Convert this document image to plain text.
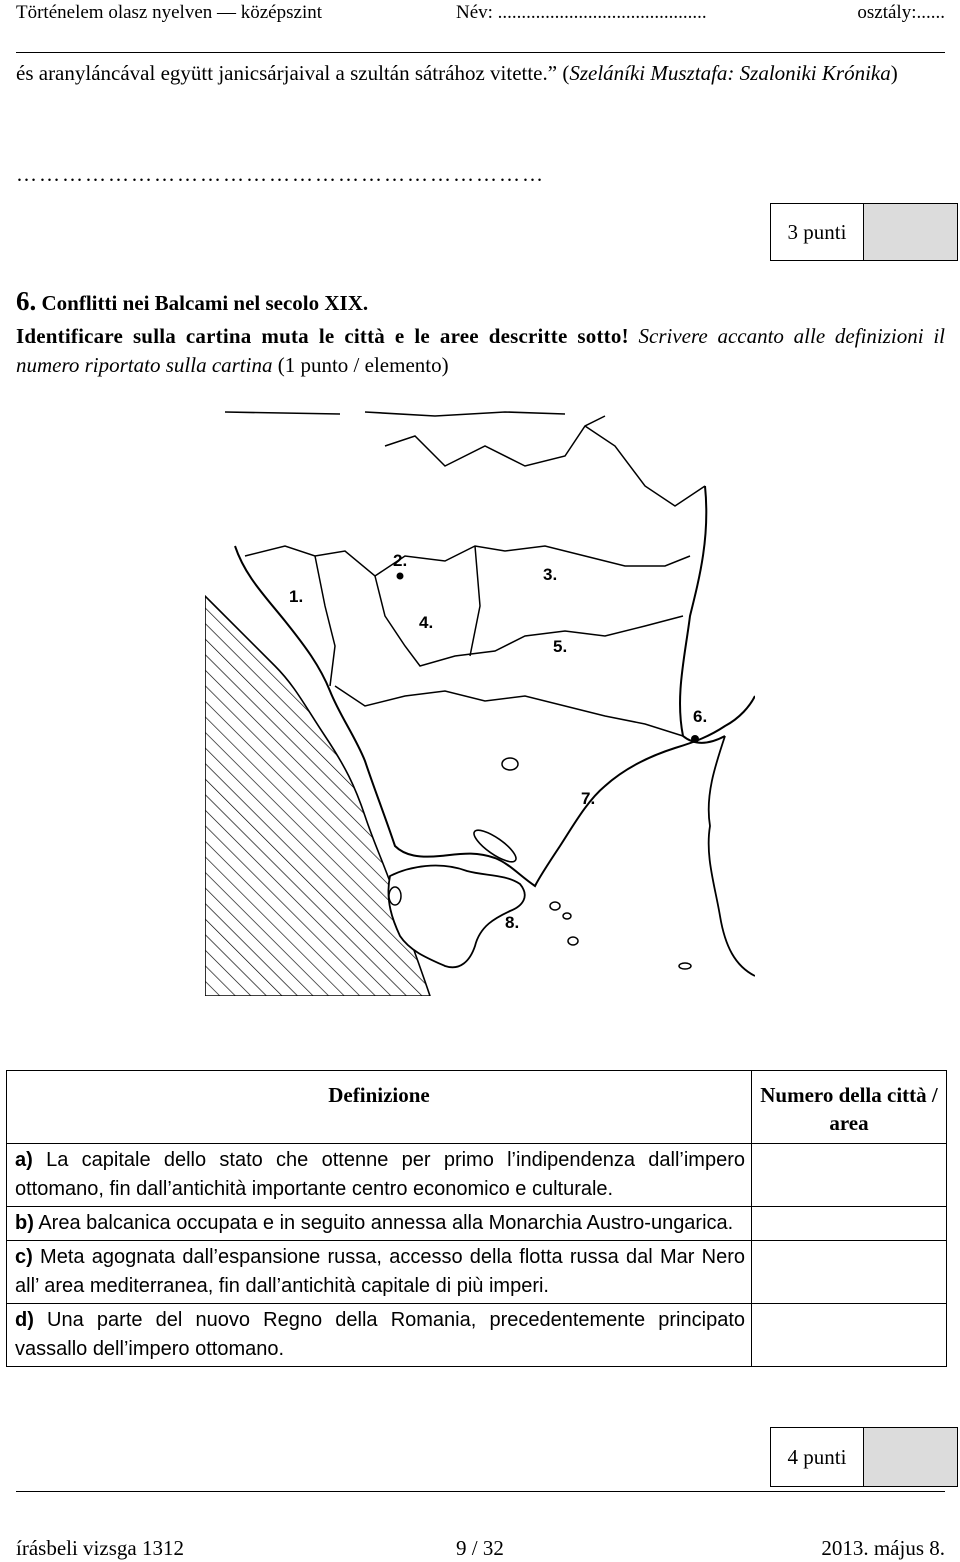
Történelem olasz nyelven — középszint	Név: ............................................	osztály:......
és aranyláncával együtt janicsárjaival a szultán sátrához vitette.” (Szeláníki Musztafa: Szaloniki Krónika)
……………………………………………………………
3 punti
6. Conflitti nei Balcami nel secolo XIX.
Identificare sulla cartina muta le città e le aree descritte sotto! Scrivere accanto alle definizioni il numero riportato sulla cartina (1 punto / elemento)
1.
2.
3.
4.
5.
6.
7.
8.
Definizione	Numero della città / area
a) La capitale dello stato che ottenne per primo l’indipendenza dall’impero ottomano, fin dall’antichità importante centro economico e culturale.	
b) Area balcanica occupata e in seguito annessa alla Monarchia Austro-ungarica.	
c) Meta agognata dall’espansione russa, accesso della flotta russa dal Mar Nero all’ area mediterranea, fin dall’antichità capitale di più imperi.	
d) Una parte del nuovo Regno della Romania, precedentemente principato vassallo dell’impero ottomano.	
4 punti
írásbeli vizsga 1312	9 / 32	2013. május 8.
